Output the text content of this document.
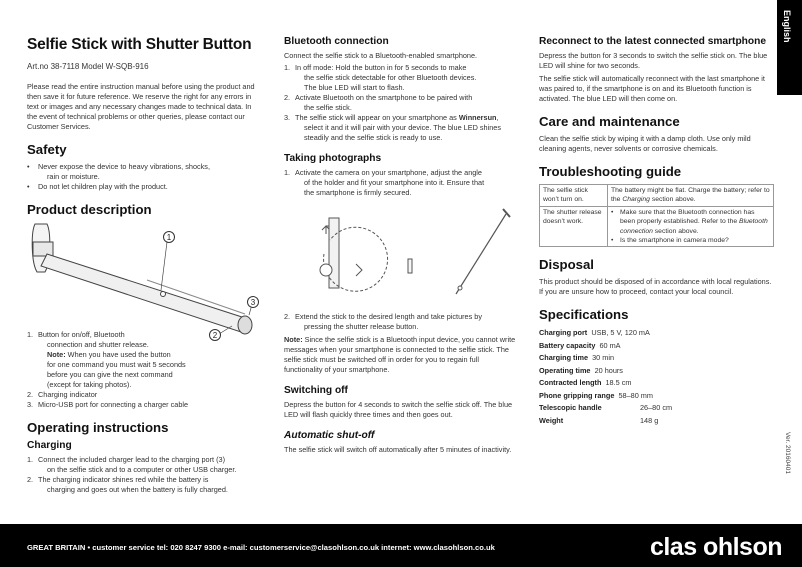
English
Selfie Stick with Shutter Button

Art.no 38-7118 Model W-SQB-916

Please read the entire instruction manual before using the product and then save it for future reference. We reserve the right for any errors in text or images and any necessary changes made to technical data. In the event of technical problems or other queries, please contact our Customer Services.

Safety
• Never expose the device to heavy vibrations, shocks,
rain or moisture.
• Do not let children play with the product.
Product description
1
3
2
1. Button for on/off, Bluetooth
connection and shutter release.
Note: When you have used the button
for one command you must wait 5 seconds
before you can give the next command
(except for taking photos).
2. Charging indicator
3. Micro-USB port for connecting a charger cable
Operating instructions
Charging
1. Connect the included charger lead to the charging port (3)
on the selfie stick and to a computer or other USB charger.
2. The charging indicator shines red while the battery is
charging and goes out when the battery is fully charged.
Bluetooth connection

Connect the selfie stick to a Bluetooth-enabled smartphone.

1. In off mode: Hold the button in for 5 seconds to make
the selfie stick detectable for other Bluetooth devices.
The blue LED will start to flash.
2. Activate Bluetooth on the smartphone to be paired with
the selfie stick.
3. The selfie stick will appear on your smartphone as Winnersun,
select it and it will pair with your device. The blue LED shines
steadily and the selfie stick is ready to use.
Taking photographs
1. Activate the camera on your smartphone, adjust the angle
of the holder and fit your smartphone into it. Ensure that
the smartphone is firmly secured.
2. Extend the stick to the desired length and take pictures by
pressing the shutter release button.

Note: Since the selfie stick is a Bluetooth input device, you cannot write messages when your smartphone is connected to the selfie stick. The selfie stick must be switched off in order for you to regain full functionality of your smartphone.

Switching off

Depress the button for 4 seconds to switch the selfie stick off. The blue LED will flash quickly three times and then goes out.

Automatic shut-off

The selfie stick will switch off automatically after 5 minutes of inactivity.

Reconnect to the latest connected smartphone

Depress the button for 3 seconds to switch the selfie stick on. The blue LED will shine for two seconds.

The selfie stick will automatically reconnect with the last smartphone it was paired to, if the smartphone is on and its Bluetooth function is activated. The blue LED will then come on.

Care and maintenance

Clean the selfie stick by wiping it with a damp cloth. Use only mild cleaning agents, never solvents or corrosive chemicals.

Troubleshooting guide
The selfie stick won’t turn on.	The battery might be flat. Charge the battery; refer to the Charging section above.
The shutter release doesn’t work.	• Make sure that the Bluetooth connection has been properly established. Refer to the Bluetooth connection section above.
• Is the smartphone in camera mode?
Disposal

This product should be disposed of in accordance with local regulations. If you are unsure how to proceed, contact your local council.

Specifications
Charging port USB, 5 V, 120 mA
Battery capacity 60 mA
Charging time 30 min
Operating time 20 hours
Contracted length 18.5 cm
Phone gripping range 58–80 mm
Telescopic handle	26–80 cm
Weight	148 g
Ver. 20160401
GREAT BRITAIN • customer service tel: 020 8247 9300 e-mail: customerservice@clasohlson.co.uk internet: www.clasohlson.co.uk	clas ohlson
